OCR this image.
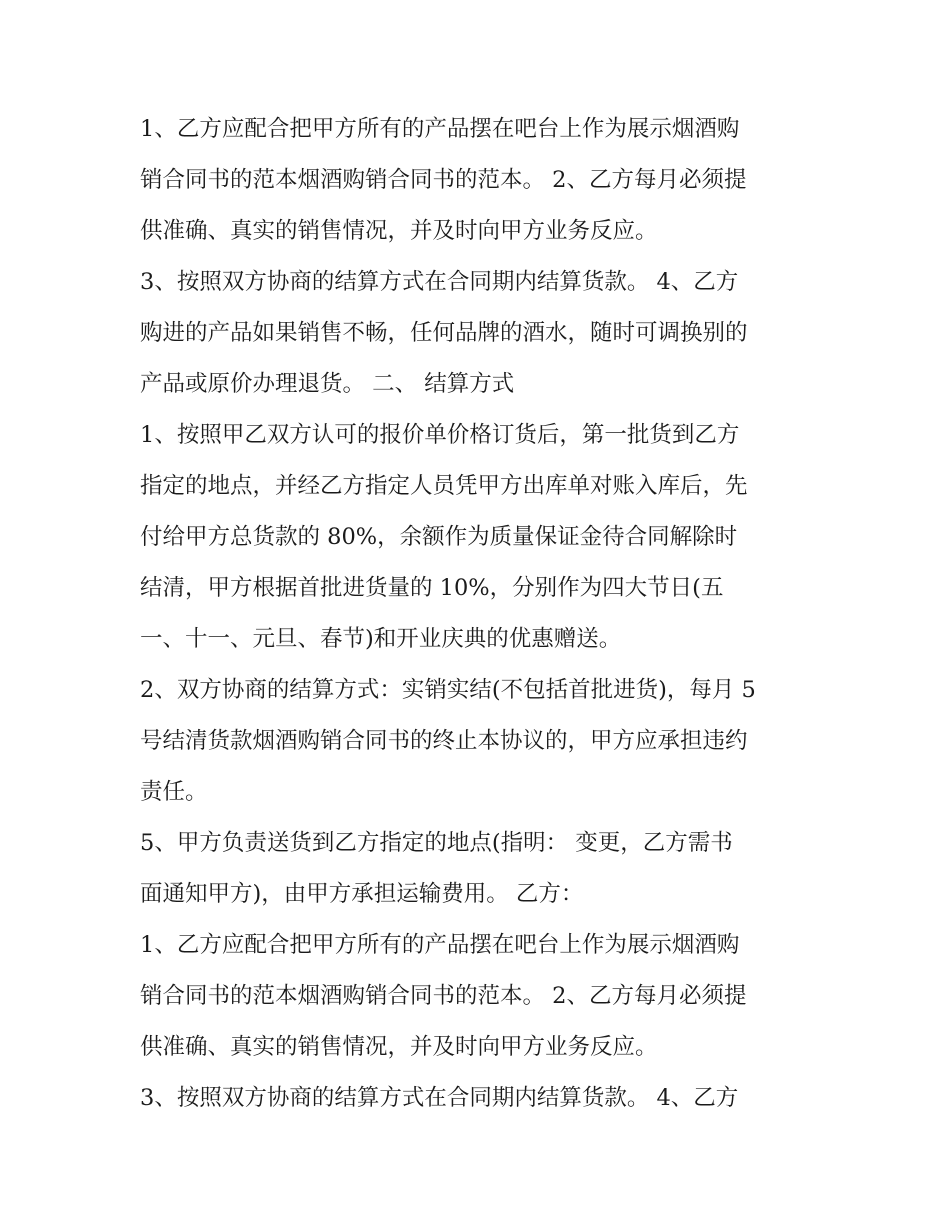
1、乙方应配合把甲方所有的产品摆在吧台上作为展示烟酒购
销合同书的范本烟酒购销合同书的范本。 2、乙方每月必须提
供准确、真实的销售情况，并及时向甲方业务反应。
3、按照双方协商的结算方式在合同期内结算货款。 4、乙方
购进的产品如果销售不畅，任何品牌的酒水，随时可调换别的
产品或原价办理退货。 二、 结算方式
1、按照甲乙双方认可的报价单价格订货后，第一批货到乙方
指定的地点，并经乙方指定人员凭甲方出库单对账入库后，先
付给甲方总货款的 80%，余额作为质量保证金待合同解除时
结清，甲方根据首批进货量的 10%，分别作为四大节日(五
一、十一、元旦、春节)和开业庆典的优惠赠送。
2、双方协商的结算方式：实销实结(不包括首批进货)，每月 5
号结清货款烟酒购销合同书的终止本协议的，甲方应承担违约
责任。
5、甲方负责送货到乙方指定的地点(指明： 变更，乙方需书
面通知甲方)，由甲方承担运输费用。 乙方：
1、乙方应配合把甲方所有的产品摆在吧台上作为展示烟酒购
销合同书的范本烟酒购销合同书的范本。 2、乙方每月必须提
供准确、真实的销售情况，并及时向甲方业务反应。
3、按照双方协商的结算方式在合同期内结算货款。 4、乙方
